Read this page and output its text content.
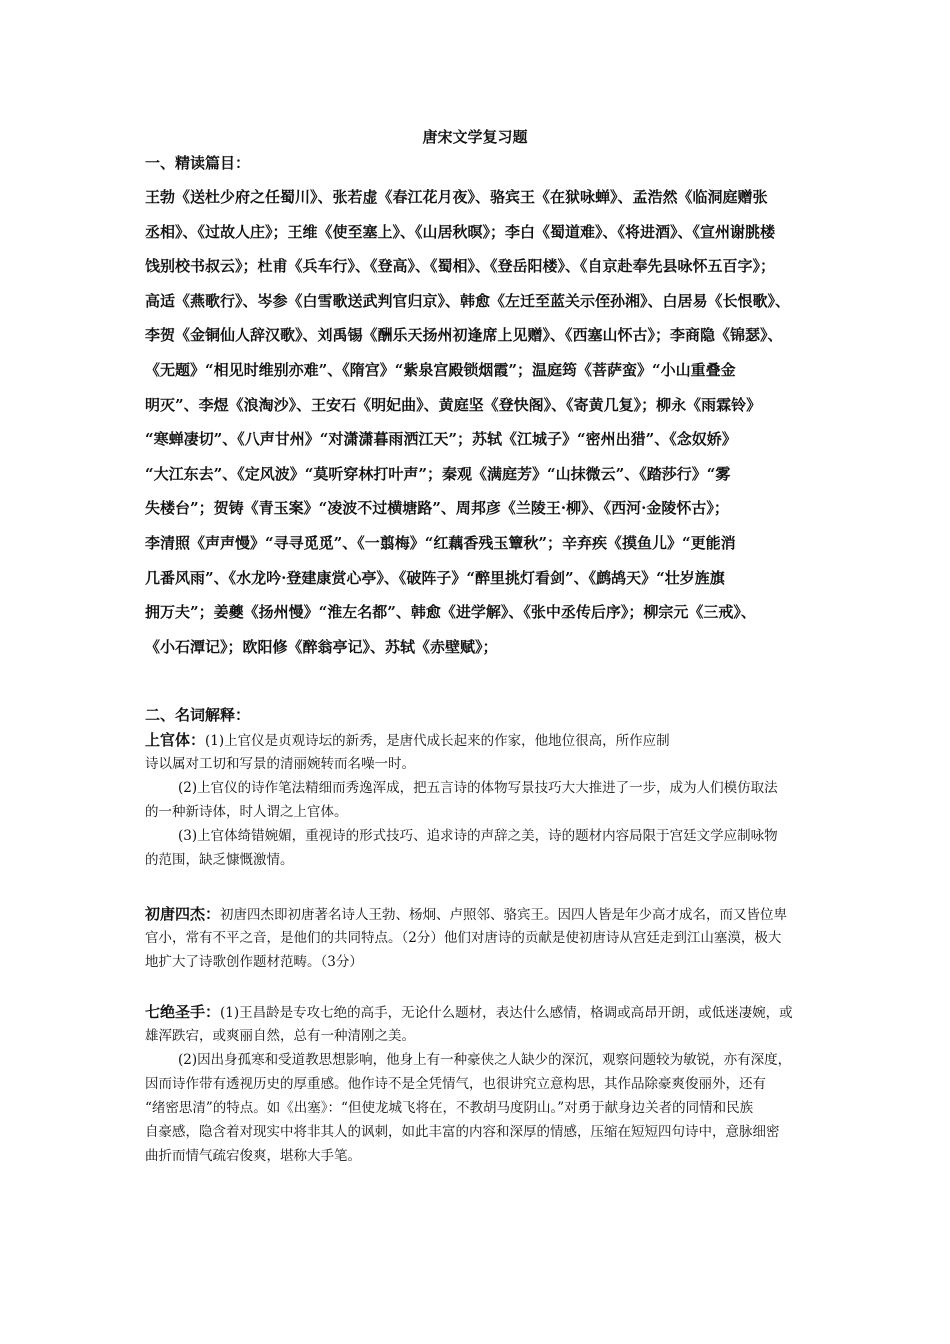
唐宋文学复习题
一、精读篇目：
王勃《送杜少府之任蜀川》、张若虚《春江花月夜》、骆宾王《在狱咏蝉》、孟浩然《临洞庭赠张
丞相》、《过故人庄》；王维《使至塞上》、《山居秋暝》；李白《蜀道难》、《将进酒》、《宣州谢朓楼
饯别校书叔云》；杜甫《兵车行》、《登高》、《蜀相》、《登岳阳楼》、《自京赴奉先县咏怀五百字》；
高适《燕歌行》、岑参《白雪歌送武判官归京》、韩愈《左迁至蓝关示侄孙湘》、白居易《长恨歌》、
李贺《金铜仙人辞汉歌》、刘禹锡《酬乐天扬州初逢席上见赠》、《西塞山怀古》；李商隐《锦瑟》、
《无题》“相见时维别亦难”、《隋宫》“紫泉宫殿锁烟霞”；温庭筠《菩萨蛮》“小山重叠金
明灭”、李煜《浪淘沙》、王安石《明妃曲》、黄庭坚《登快阁》、《寄黄几复》；柳永《雨霖铃》
“寒蝉凄切”、《八声甘州》“对潇潇暮雨洒江天”；苏轼《江城子》“密州出猎”、《念奴娇》
“大江东去”、《定风波》“莫听穿林打叶声”；秦观《满庭芳》“山抹微云”、《踏莎行》“雾
失楼台”；贺铸《青玉案》“凌波不过横塘路”、周邦彦《兰陵王·柳》、《西河·金陵怀古》；
李清照《声声慢》“寻寻觅觅”、《一翦梅》“红藕香残玉簟秋”；辛弃疾《摸鱼儿》“更能消
几番风雨”、《水龙吟·登建康赏心亭》、《破阵子》“醉里挑灯看剑”、《鹧鸪天》“壮岁旌旗
拥万夫”；姜夔《扬州慢》“淮左名都”、韩愈《进学解》、《张中丞传后序》；柳宗元《三戒》、
《小石潭记》；欧阳修《醉翁亭记》、苏轼《赤壁赋》；
二、名词解释：
上官体：(1)上官仪是贞观诗坛的新秀，是唐代成长起来的作家，他地位很高，所作应制
诗以属对工切和写景的清丽婉转而名噪一时。
(2)上官仪的诗作笔法精细而秀逸浑成，把五言诗的体物写景技巧大大推进了一步，成为人们模仿取法
的一种新诗体，时人谓之上官体。
(3)上官体绮错婉媚，重视诗的形式技巧、追求诗的声辞之美，诗的题材内容局限于宫廷文学应制咏物
的范围，缺乏慷慨激情。
初唐四杰：初唐四杰即初唐著名诗人王勃、杨炯、卢照邻、骆宾王。因四人皆是年少高才成名，而又皆位卑
官小，常有不平之音，是他们的共同特点。（2分）他们对唐诗的贡献是使初唐诗从宫廷走到江山塞漠，极大
地扩大了诗歌创作题材范畴。（3分）
七绝圣手：(1)王昌龄是专攻七绝的高手，无论什么题材，表达什么感情，格调或高昂开朗，或低迷凄婉，或
雄浑跌宕，或爽丽自然，总有一种清刚之美。
(2)因出身孤寒和受道教思想影响，他身上有一种豪侠之人缺少的深沉，观察问题较为敏锐，亦有深度，
因而诗作带有透视历史的厚重感。他作诗不是全凭情气，也很讲究立意构思，其作品除豪爽俊丽外，还有
“绪密思清”的特点。如《出塞》：“但使龙城飞将在，不教胡马度阴山。”对勇于献身边关者的同情和民族
自豪感，隐含着对现实中将非其人的讽刺，如此丰富的内容和深厚的情感，压缩在短短四句诗中，意脉细密
曲折而情气疏宕俊爽，堪称大手笔。
